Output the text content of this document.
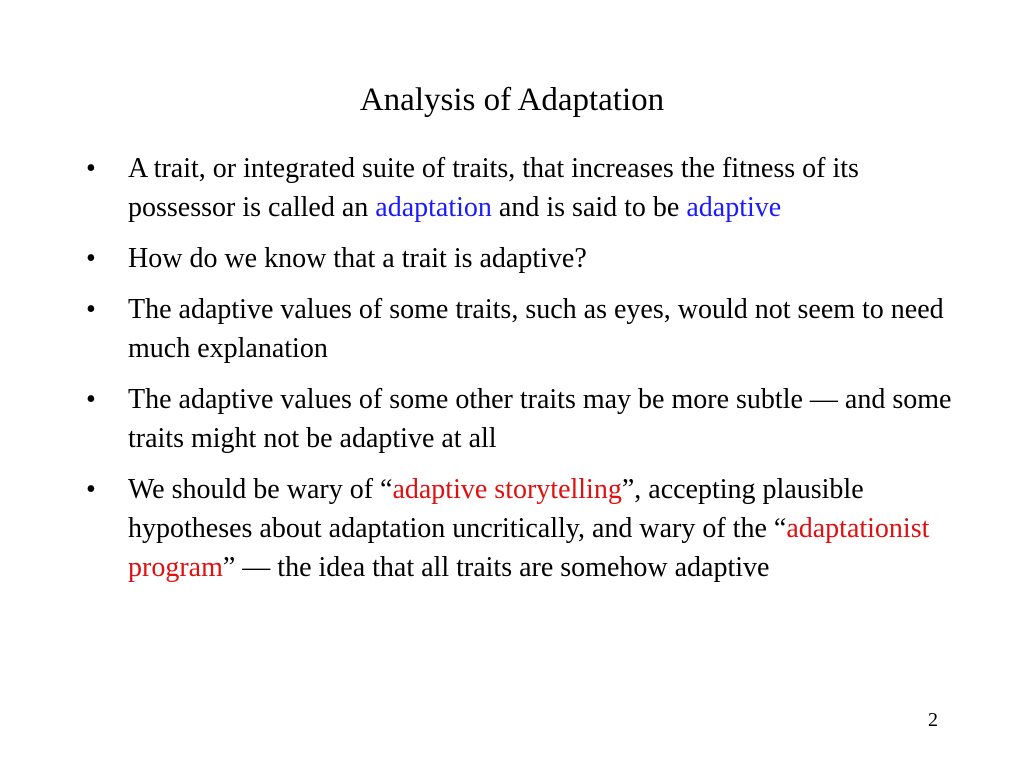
Analysis of Adaptation
•	A trait, or integrated suite of traits, that increases the fitness of its possessor is called an adaptation and is said to be adaptive
•	How do we know that a trait is adaptive?
•	The adaptive values of some traits, such as eyes, would not seem to need much explanation
•	The adaptive values of some other traits may be more subtle — and some traits might not be adaptive at all
•	We should be wary of “adaptive storytelling”, accepting plausible hypotheses about adaptation uncritically, and wary of the “adaptationist program” — the idea that all traits are somehow adaptive
2
